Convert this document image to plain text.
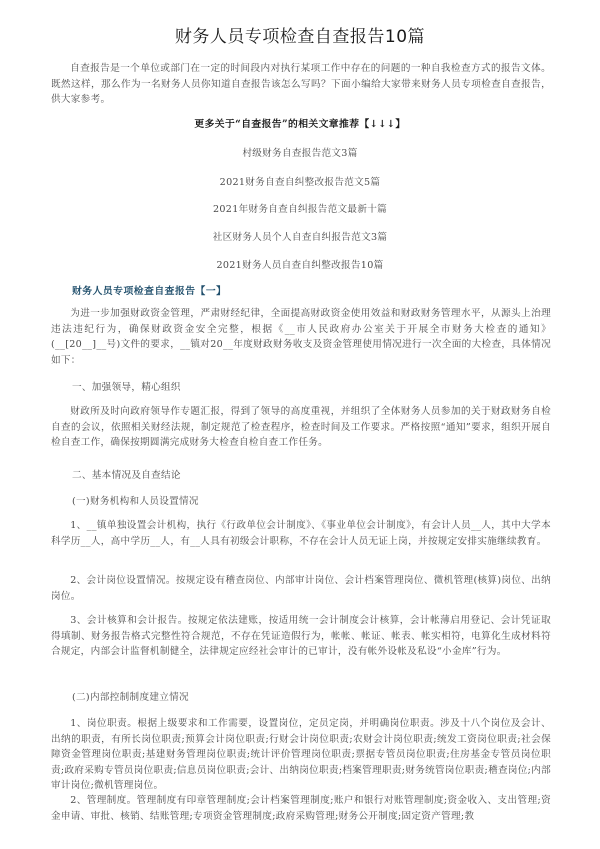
财务人员专项检查自查报告10篇
自查报告是一个单位或部门在一定的时间段内对执行某项工作中存在的问题的一种自我检查方式的报告文体。既然这样，那么作为一名财务人员你知道自查报告该怎么写吗？下面小编给大家带来财务人员专项检查自查报告，供大家参考。
更多关于“自查报告”的相关文章推荐【↓↓↓】
村级财务自查报告范文3篇
2021财务自查自纠整改报告范文5篇
2021年财务自查自纠报告范文最新十篇
社区财务人员个人自查自纠报告范文3篇
2021财务人员自查自纠整改报告10篇
财务人员专项检查自查报告【一】
为进一步加强财政资金管理，严肃财经纪律，全面提高财政资金使用效益和财政财务管理水平，从源头上治理违法违纪行为，确保财政资金安全完整，根据《__市人民政府办公室关于开展全市财务大检查的通知》(__[20__]__号)文件的要求，__镇对20__年度财政财务收支及资金管理使用情况进行一次全面的大检查，具体情况如下：
一、加强领导，精心组织
财政所及时向政府领导作专题汇报，得到了领导的高度重视，并组织了全体财务人员参加的关于财政财务自检自查的会议，依照相关财经法规，制定规范了检查程序，检查时间及工作要求。严格按照“通知”要求，组织开展自检自查工作，确保按期圆满完成财务大检查自检自查工作任务。
二、基本情况及自查结论
(一)财务机构和人员设置情况
1、__镇单独设置会计机构，执行《行政单位会计制度》、《事业单位会计制度》，有会计人员__人，其中大学本科学历__人，高中学历__人，有__人具有初级会计职称，不存在会计人员无证上岗，并按规定安排实施继续教育。
2、会计岗位设置情况。按规定设有稽查岗位、内部审计岗位、会计档案管理岗位、微机管理(核算)岗位、出纳岗位。
3、会计核算和会计报告。按规定依法建账，按适用统一会计制度会计核算，会计帐薄启用登记、会计凭证取得填制、财务报告格式完整性符合规范，不存在凭证造假行为，帐帐、帐证、帐表、帐实相符，电算化生成材料符合规定，内部会计监督机制健全，法律规定应经社会审计的已审计，没有帐外设帐及私设“小金库”行为。
(二)内部控制制度建立情况
1、岗位职责。根据上级要求和工作需要，设置岗位，定员定岗，并明确岗位职责。涉及十八个岗位及会计、出纳的职责，有所长岗位职责;预算会计岗位职责;行财会计岗位职责;农财会计岗位职责;统发工资岗位职责;社会保障资金管理岗位职责;基建财务管理岗位职责;统计评价管理岗位职责;票据专管员岗位职责;住房基金专管员岗位职责;政府采购专管员岗位职责;信息员岗位职责;会计、出纳岗位职责;档案管理职责;财务统管岗位职责;稽查岗位;内部审计岗位;微机管理岗位。
2、管理制度。管理制度有印章管理制度;会计档案管理制度;账户和银行对账管理制度;资金收入、支出管理;资金申请、审批、核销、结账管理;专项资金管理制度;政府采购管理;财务公开制度;固定资产管理;教
